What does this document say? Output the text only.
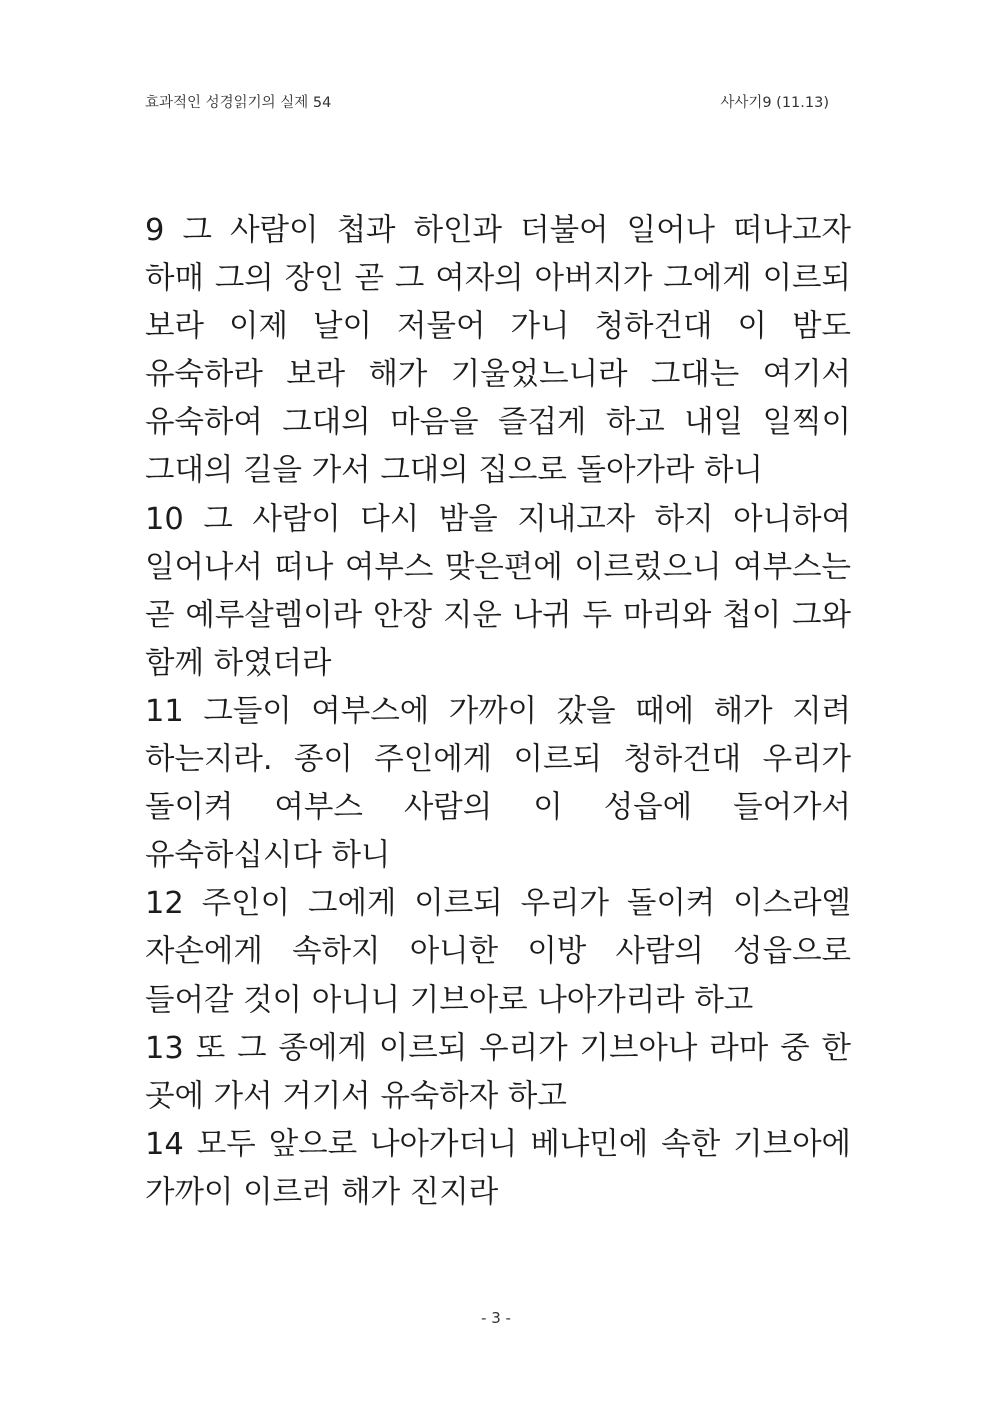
효과적인 성경읽기의 실제 54	사사기9 (11.13)

9 그 사람이 첩과 하인과 더불어 일어나 떠나고자 하매 그의 장인 곧 그 여자의 아버지가 그에게 이르되 보라 이제 날이 저물어 가니 청하건대 이 밤도 유숙하라 보라 해가 기울었느니라 그대는 여기서 유숙하여 그대의 마음을 즐겁게 하고 내일 일찍이 그대의 길을 가서 그대의 집으로 돌아가라 하니

10 그 사람이 다시 밤을 지내고자 하지 아니하여 일어나서 떠나 여부스 맞은편에 이르렀으니 여부스는 곧 예루살렘이라 안장 지운 나귀 두 마리와 첩이 그와 함께 하였더라

11 그들이 여부스에 가까이 갔을 때에 해가 지려 하는지라. 종이 주인에게 이르되 청하건대 우리가 돌이켜 여부스 사람의 이 성읍에 들어가서 유숙하십시다 하니

12 주인이 그에게 이르되 우리가 돌이켜 이스라엘 자손에게 속하지 아니한 이방 사람의 성읍으로 들어갈 것이 아니니 기브아로 나아가리라 하고

13 또 그 종에게 이르되 우리가 기브아나 라마 중 한 곳에 가서 거기서 유숙하자 하고

14 모두 앞으로 나아가더니 베냐민에 속한 기브아에 가까이 이르러 해가 진지라

- 3 -
